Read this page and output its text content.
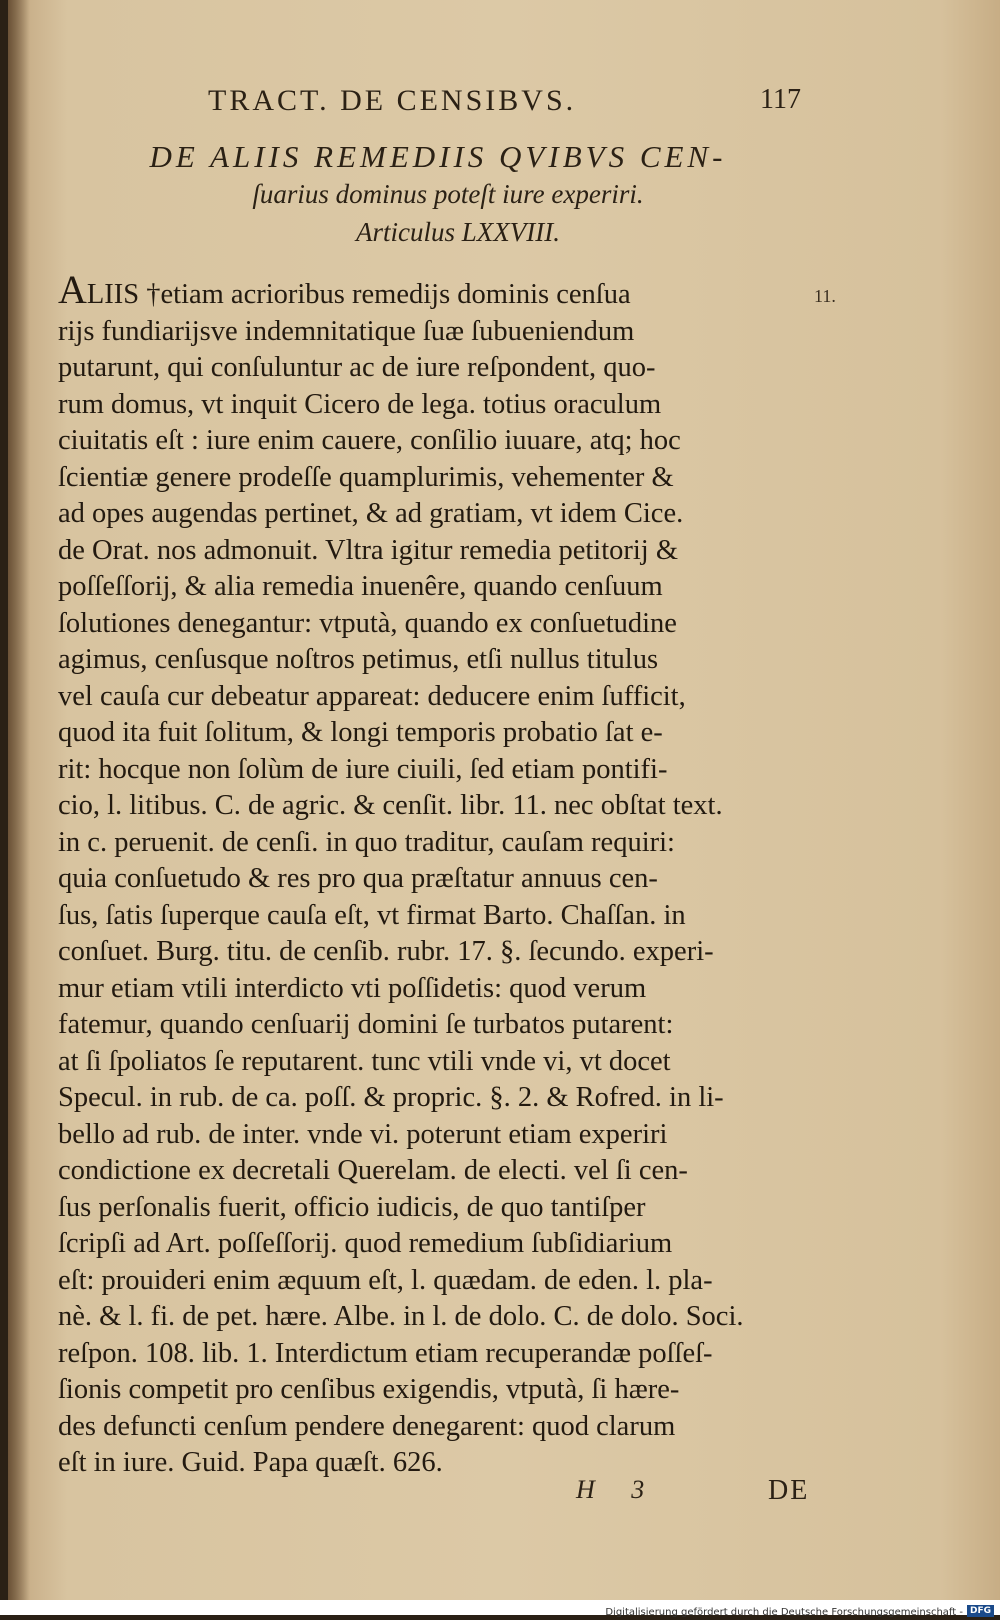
TRACT. DE CENSIBVS.	117
DE ALIIS REMEDIIS QVIBVS CEN-
ſuarius dominus poteſt iure experiri.
Articulus LXXVIII.
11.
ALIIS †etiam acrioribus remedijs dominis cenſua
rijs fundiarijsve indemnitatique ſuæ ſubueniendum
putarunt, qui conſuluntur ac de iure reſpondent, quo-
rum domus, vt inquit Cicero de lega. totius oraculum
ciuitatis eſt : iure enim cauere, conſilio iuuare, atq; hoc
ſcientiæ genere prodeſſe quamplurimis, vehementer &
ad opes augendas pertinet, & ad gratiam, vt idem Cice.
de Orat. nos admonuit. Vltra igitur remedia petitorij &
poſſeſſorij, & alia remedia inuenêre, quando cenſuum
ſolutiones denegantur: vtputà, quando ex conſuetudine
agimus, cenſusque noſtros petimus, etſi nullus titulus
vel cauſa cur debeatur appareat: deducere enim ſufficit,
quod ita fuit ſolitum, & longi temporis probatio ſat e-
rit: hocque non ſolùm de iure ciuili, ſed etiam pontifi-
cio, l. litibus. C. de agric. & cenſit. libr. 11. nec obſtat text.
in c. peruenit. de cenſi. in quo traditur, cauſam requiri:
quia conſuetudo & res pro qua præſtatur annuus cen-
ſus, ſatis ſuperque cauſa eſt, vt firmat Barto. Chaſſan. in
conſuet. Burg. titu. de cenſib. rubr. 17. §. ſecundo. experi-
mur etiam vtili interdicto vti poſſidetis: quod verum
fatemur, quando cenſuarij domini ſe turbatos putarent:
at ſi ſpoliatos ſe reputarent. tunc vtili vnde vi, vt docet
Specul. in rub. de ca. poſſ. & propric. §. 2. & Rofred. in li-
bello ad rub. de inter. vnde vi. poterunt etiam experiri
condictione ex decretali Querelam. de electi. vel ſi cen-
ſus perſonalis fuerit, officio iudicis, de quo tantiſper
ſcripſi ad Art. poſſeſſorij. quod remedium ſubſidiarium
eſt: prouideri enim æquum eſt, l. quædam. de eden. l. pla-
nè. & l. fi. de pet. hære. Albe. in l. de dolo. C. de dolo. Soci.
reſpon. 108. lib. 1. Interdictum etiam recuperandæ poſſeſ-
ſionis competit pro cenſibus exigendis, vtputà, ſi hære-
des defuncti cenſum pendere denegarent: quod clarum
eſt in iure. Guid. Papa quæſt. 626.
H 3	DE
Digitalisierung gefördert durch die Deutsche Forschungsgemeinschaft - DFG
